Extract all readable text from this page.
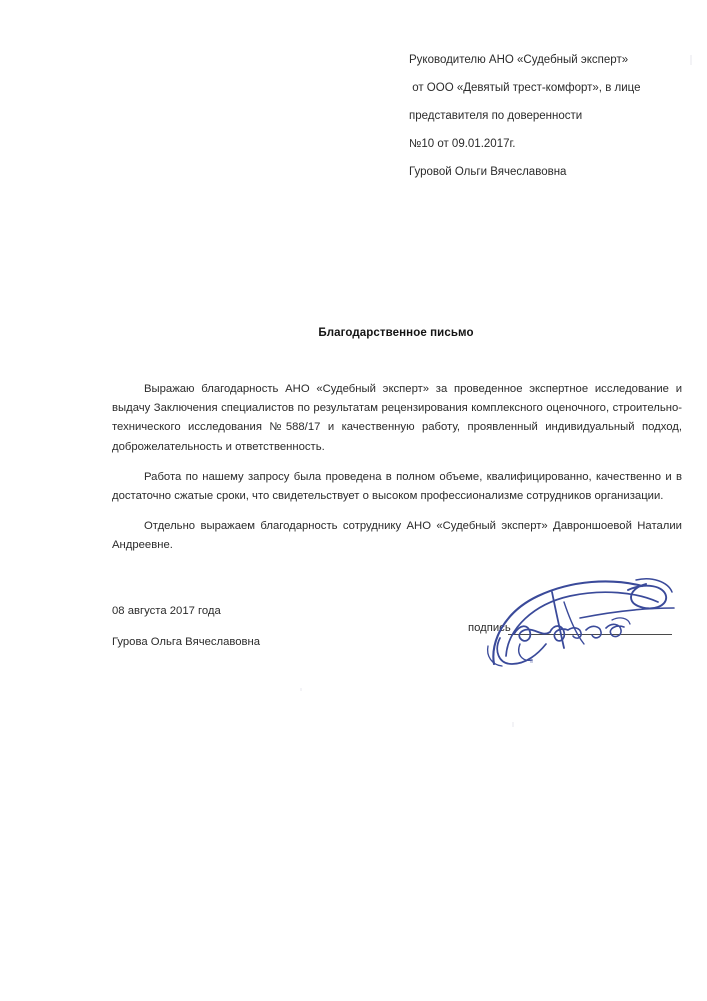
Руководителю АНО «Судебный эксперт»
от ООО «Девятый трест-комфорт», в лице
представителя по доверенности
№10 от 09.01.2017г.
Гуровой Ольги Вячеславовна
Благодарственное письмо

Выражаю благодарность АНО «Судебный эксперт» за проведенное экспертное исследование и выдачу Заключения специалистов по результатам рецензирования комплексного оценочного, строительно-технического исследования №588/17 и качественную работу, проявленный индивидуальный подход, доброжелательность и ответственность.

Работа по нашему запросу была проведена в полном объеме, квалифицированно, качественно и в достаточно сжатые сроки, что свидетельствует о высоком профессионализме сотрудников организации.

Отдельно выражаем благодарность сотруднику АНО «Судебный эксперт» Давроншоевой Наталии Андреевне.

08 августа 2017 года
Гурова Ольга Вячеславовна
подпись
